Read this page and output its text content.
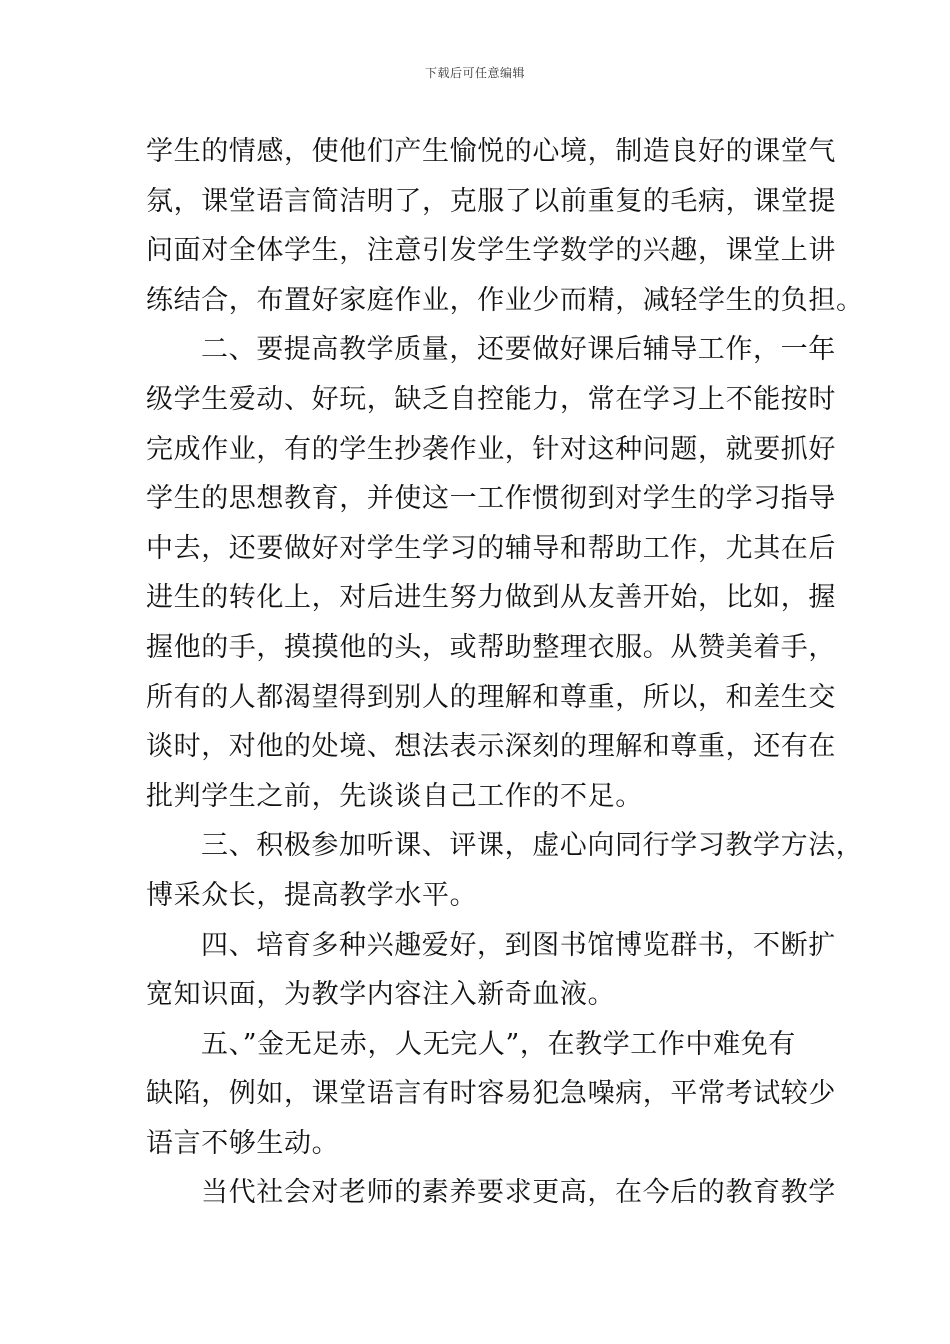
下载后可任意编辑
学生的情感，使他们产生愉悦的心境，制造良好的课堂气
氛，课堂语言简洁明了，克服了以前重复的毛病，课堂提
问面对全体学生，注意引发学生学数学的兴趣，课堂上讲
练结合，布置好家庭作业，作业少而精，减轻学生的负担。
二、要提高教学质量，还要做好课后辅导工作，一年
级学生爱动、好玩，缺乏自控能力，常在学习上不能按时
完成作业，有的学生抄袭作业，针对这种问题，就要抓好
学生的思想教育，并使这一工作惯彻到对学生的学习指导
中去，还要做好对学生学习的辅导和帮助工作，尤其在后
进生的转化上，对后进生努力做到从友善开始，比如，握
握他的手，摸摸他的头，或帮助整理衣服。从赞美着手，
所有的人都渴望得到别人的理解和尊重，所以，和差生交
谈时，对他的处境、想法表示深刻的理解和尊重，还有在
批判学生之前，先谈谈自己工作的不足。
三、积极参加听课、评课，虚心向同行学习教学方法，
博采众长，提高教学水平。
四、培育多种兴趣爱好，到图书馆博览群书，不断扩
宽知识面，为教学内容注入新奇血液。
五、”金无足赤，人无完人”，在教学工作中难免有
缺陷，例如，课堂语言有时容易犯急噪病，平常考试较少
语言不够生动。
当代社会对老师的素养要求更高，在今后的教育教学
